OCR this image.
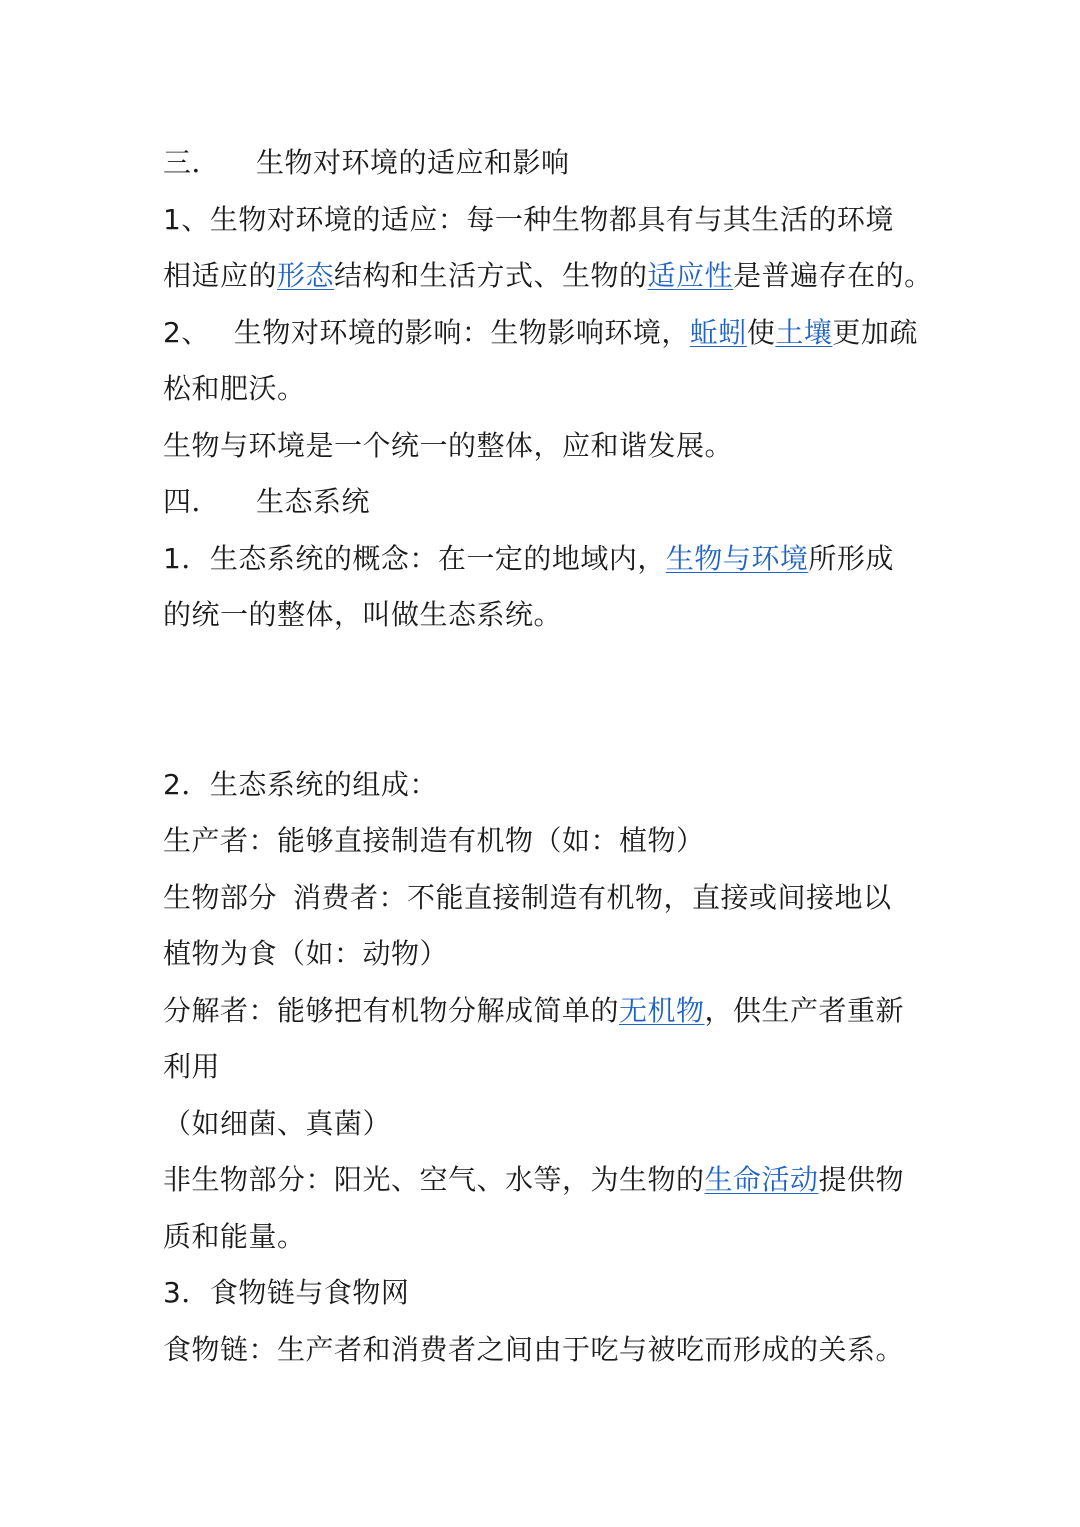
三． 生物对环境的适应和影响
1、生物对环境的适应：每一种生物都具有与其生活的环境
相适应的形态结构和生活方式、生物的适应性是普遍存在的。
2、 生物对环境的影响：生物影响环境，蚯蚓使土壤更加疏
松和肥沃。
生物与环境是一个统一的整体，应和谐发展。
四． 生态系统
1．生态系统的概念：在一定的地域内，生物与环境所形成
的统一的整体，叫做生态系统。
2．生态系统的组成：
生产者：能够直接制造有机物（如：植物）
生物部分 消费者：不能直接制造有机物，直接或间接地以
植物为食（如：动物）
分解者：能够把有机物分解成简单的无机物，供生产者重新
利用
（如细菌、真菌）
非生物部分：阳光、空气、水等，为生物的生命活动提供物
质和能量。
3．食物链与食物网
食物链：生产者和消费者之间由于吃与被吃而形成的关系。
